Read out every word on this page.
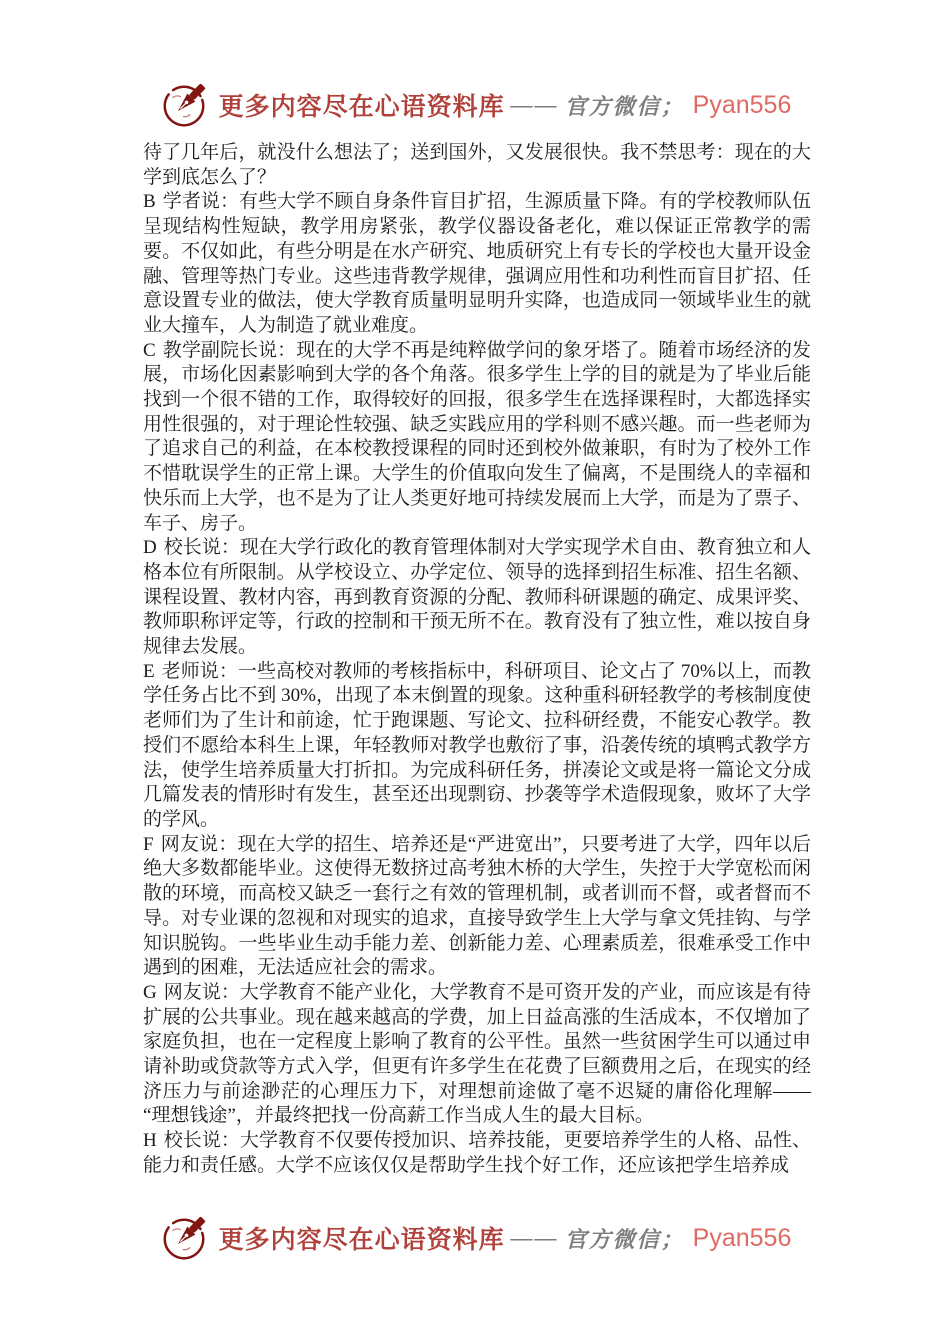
更多内容尽在心语资料库 —— 官方微信； Pyan556

待了几年后，就没什么想法了；送到国外，又发展很快。我不禁思考：现在的大学到底怎么了？

B 学者说：有些大学不顾自身条件盲目扩招，生源质量下降。有的学校教师队伍呈现结构性短缺，教学用房紧张，教学仪器设备老化，难以保证正常教学的需要。不仅如此，有些分明是在水产研究、地质研究上有专长的学校也大量开设金融、管理等热门专业。这些违背教学规律，强调应用性和功利性而盲目扩招、任意设置专业的做法，使大学教育质量明显明升实降，也造成同一领域毕业生的就业大撞车，人为制造了就业难度。

C 教学副院长说：现在的大学不再是纯粹做学问的象牙塔了。随着市场经济的发展，市场化因素影响到大学的各个角落。很多学生上学的目的就是为了毕业后能找到一个很不错的工作，取得较好的回报，很多学生在选择课程时，大都选择实用性很强的，对于理论性较强、缺乏实践应用的学科则不感兴趣。而一些老师为了追求自己的利益，在本校教授课程的同时还到校外做兼职，有时为了校外工作不惜耽误学生的正常上课。大学生的价值取向发生了偏离，不是围绕人的幸福和快乐而上大学，也不是为了让人类更好地可持续发展而上大学，而是为了票子、车子、房子。

D 校长说：现在大学行政化的教育管理体制对大学实现学术自由、教育独立和人格本位有所限制。从学校设立、办学定位、领导的选择到招生标准、招生名额、课程设置、教材内容，再到教育资源的分配、教师科研课题的确定、成果评奖、教师职称评定等，行政的控制和干预无所不在。教育没有了独立性，难以按自身规律去发展。

E 老师说：一些高校对教师的考核指标中，科研项目、论文占了 70%以上，而教学任务占比不到 30%，出现了本末倒置的现象。这种重科研轻教学的考核制度使老师们为了生计和前途，忙于跑课题、写论文、拉科研经费，不能安心教学。教授们不愿给本科生上课，年轻教师对教学也敷衍了事，沿袭传统的填鸭式教学方法，使学生培养质量大打折扣。为完成科研任务，拼凑论文或是将一篇论文分成几篇发表的情形时有发生，甚至还出现剽窃、抄袭等学术造假现象，败坏了大学的学风。

F 网友说：现在大学的招生、培养还是“严进宽出”，只要考进了大学，四年以后绝大多数都能毕业。这使得无数挤过高考独木桥的大学生，失控于大学宽松而闲散的环境，而高校又缺乏一套行之有效的管理机制，或者训而不督，或者督而不导。对专业课的忽视和对现实的追求，直接导致学生上大学与拿文凭挂钩、与学知识脱钩。一些毕业生动手能力差、创新能力差、心理素质差，很难承受工作中遇到的困难，无法适应社会的需求。

G 网友说：大学教育不能产业化，大学教育不是可资开发的产业，而应该是有待扩展的公共事业。现在越来越高的学费，加上日益高涨的生活成本，不仅增加了家庭负担，也在一定程度上影响了教育的公平性。虽然一些贫困学生可以通过申请补助或贷款等方式入学，但更有许多学生在花费了巨额费用之后，在现实的经济压力与前途渺茫的心理压力下，对理想前途做了毫不迟疑的庸俗化理解——“理想钱途”，并最终把找一份高薪工作当成人生的最大目标。

H 校长说：大学教育不仅要传授加识、培养技能，更要培养学生的人格、品性、能力和责任感。大学不应该仅仅是帮助学生找个好工作，还应该把学生培养成

更多内容尽在心语资料库 —— 官方微信； Pyan556
